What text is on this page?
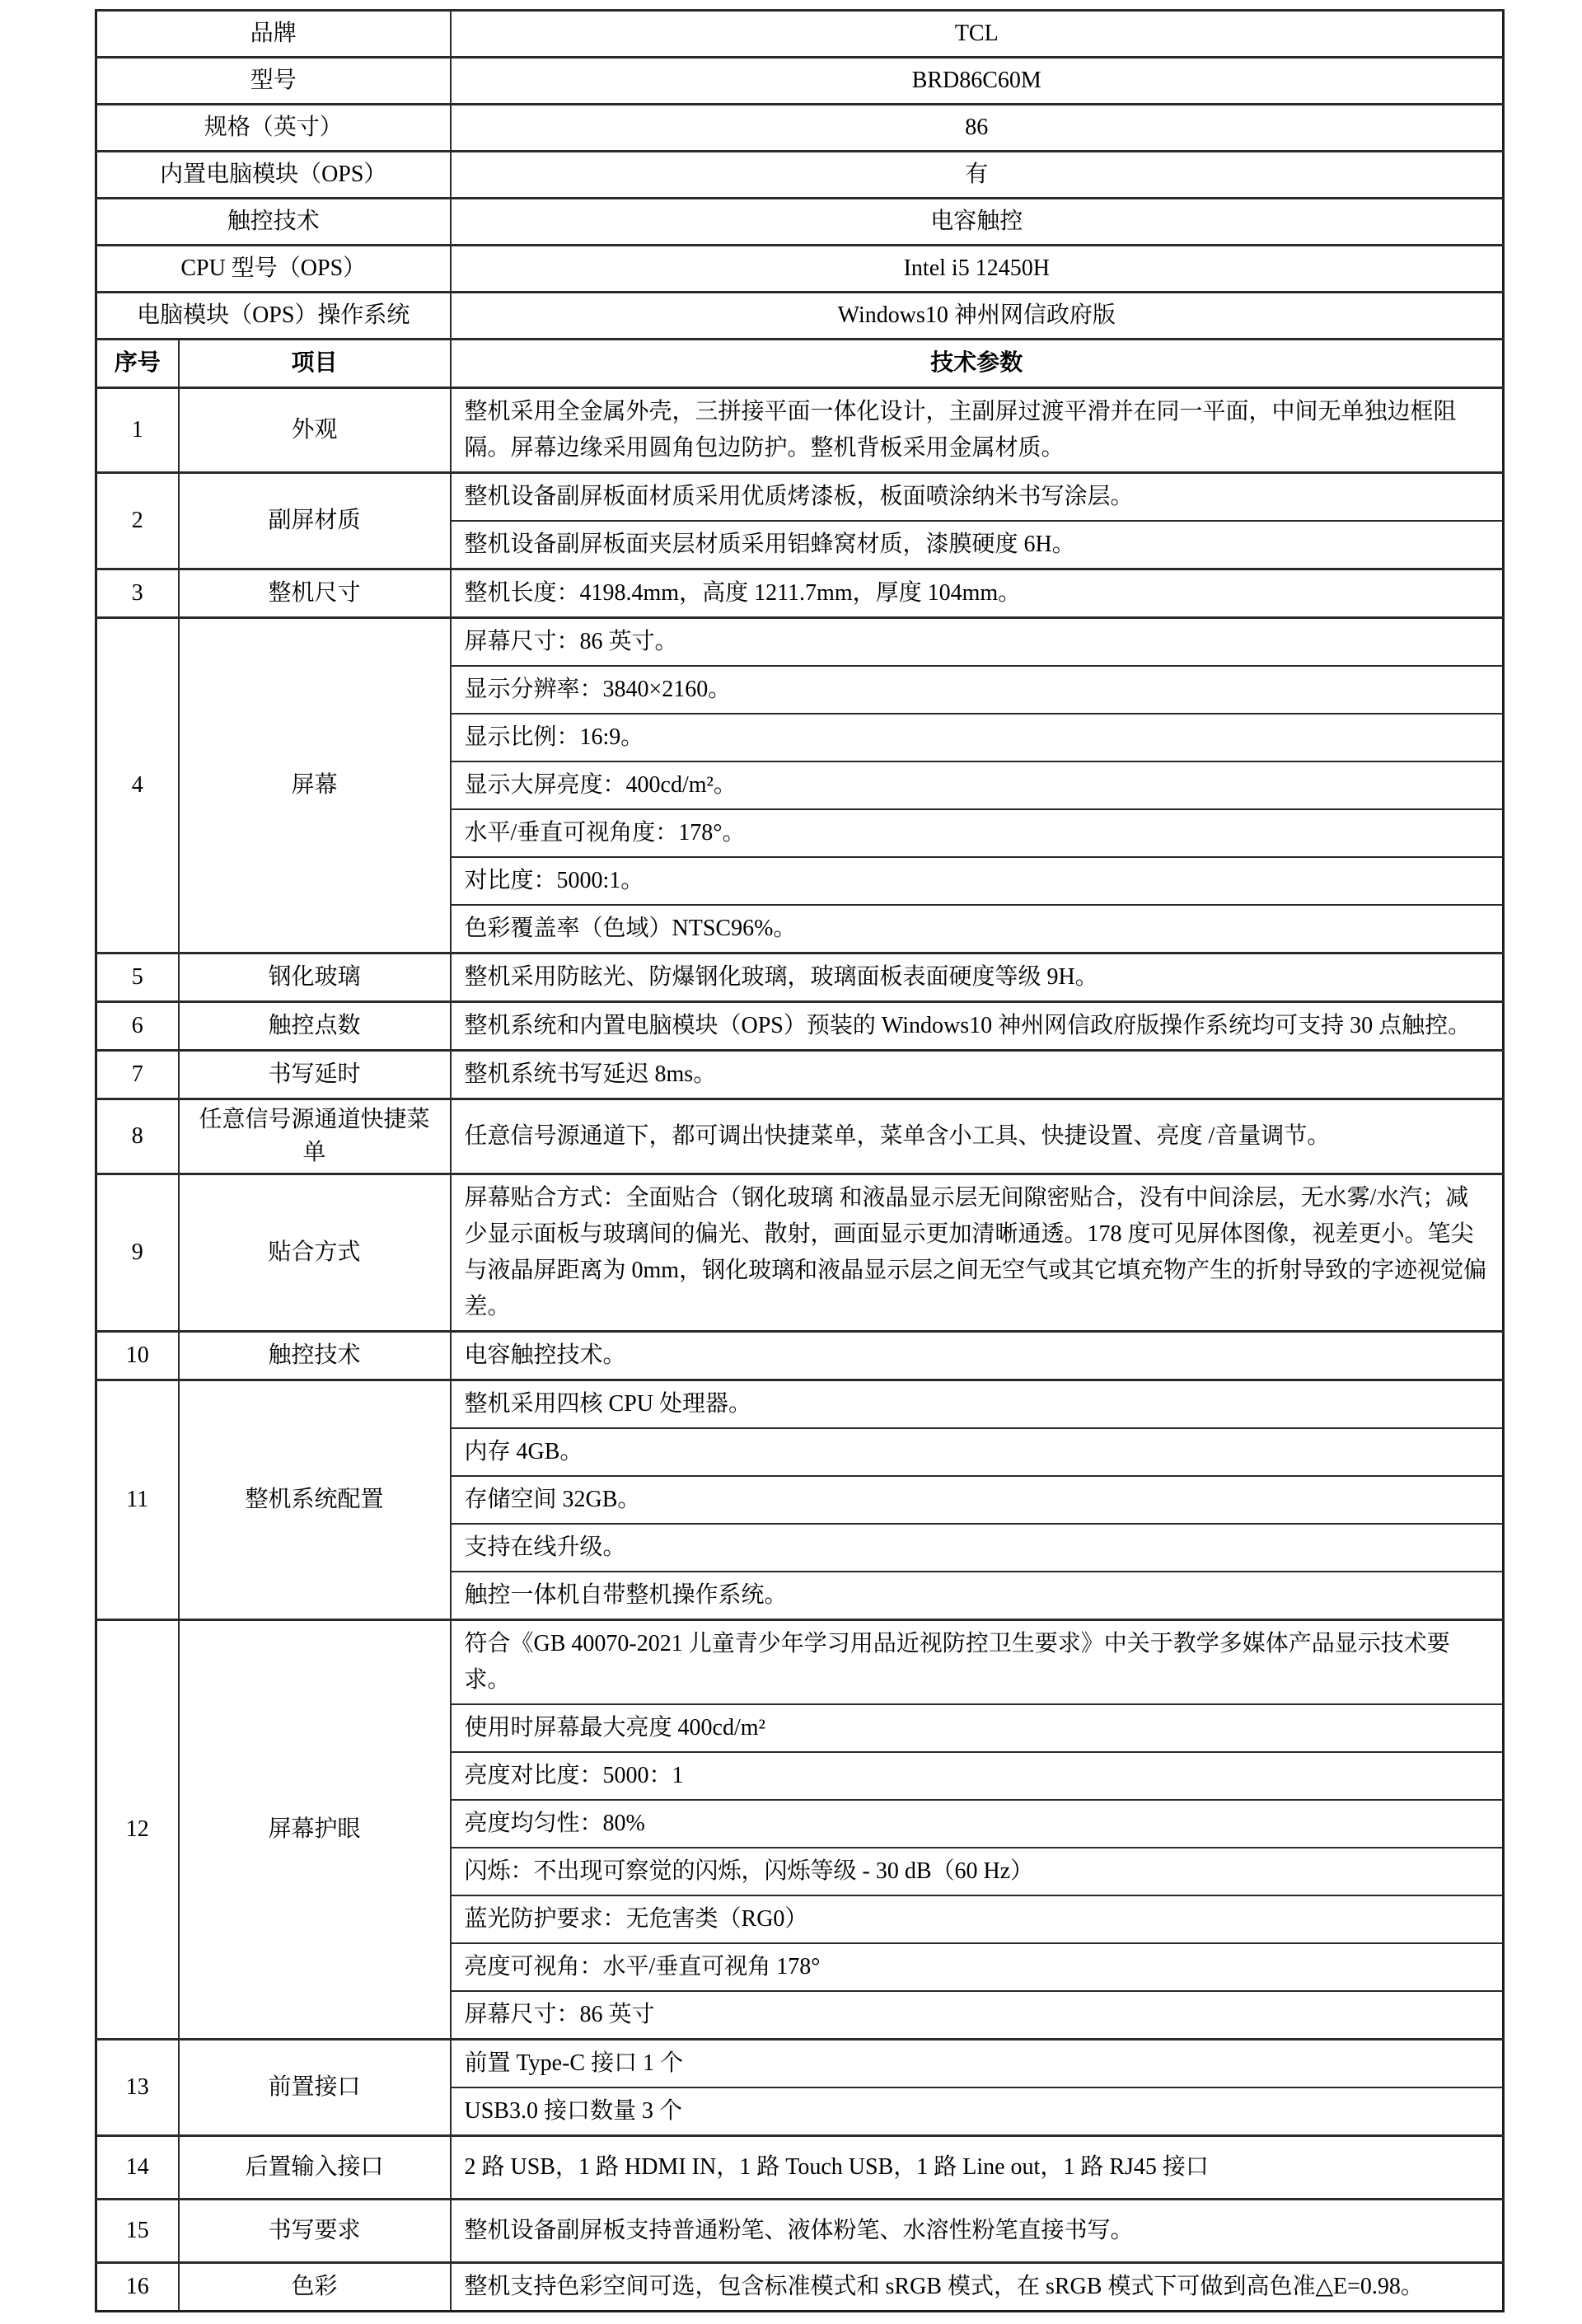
品牌		TCL
型号		BRD86C60M
规格（英寸）		86
内置电脑模块（OPS）		有
触控技术		电容触控
CPU 型号（OPS）		Intel i5 12450H
电脑模块（OPS）操作系统		Windows10 神州网信政府版
序号	项目	技术参数
1	外观	整机采用全金属外壳，三拼接平面一体化设计，主副屏过渡平滑并在同一平面，中间无单独边框阻隔。屏幕边缘采用圆角包边防护。整机背板采用金属材质。
2	副屏材质	整机设备副屏板面材质采用优质烤漆板，板面喷涂纳米书写涂层。
		整机设备副屏板面夹层材质采用铝蜂窝材质，漆膜硬度 6H。
3	整机尺寸	整机长度：4198.4mm，高度 1211.7mm，厚度 104mm。
4	屏幕	屏幕尺寸：86 英寸。
		显示分辨率：3840×2160。
		显示比例：16:9。
		显示大屏亮度：400cd/m²。
		水平/垂直可视角度：178°。
		对比度：5000:1。
		色彩覆盖率（色域）NTSC96%。
5	钢化玻璃	整机采用防眩光、防爆钢化玻璃，玻璃面板表面硬度等级 9H。
6	触控点数	整机系统和内置电脑模块（OPS）预装的 Windows10 神州网信政府版操作系统均可支持 30 点触控。
7	书写延时	整机系统书写延迟 8ms。
8	任意信号源通道快捷菜单	任意信号源通道下，都可调出快捷菜单，菜单含小工具、快捷设置、亮度 /音量调节。
9	贴合方式	屏幕贴合方式：全面贴合（钢化玻璃 和液晶显示层无间隙密贴合，没有中间涂层，无水雾/水汽；减少显示面板与玻璃间的偏光、散射，画面显示更加清晰通透。178 度可见屏体图像，视差更小。笔尖与液晶屏距离为 0mm，钢化玻璃和液晶显示层之间无空气或其它填充物产生的折射导致的字迹视觉偏差。
10	触控技术	电容触控技术。
11	整机系统配置	整机采用四核 CPU 处理器。
		内存 4GB。
		存储空间 32GB。
		支持在线升级。
		触控一体机自带整机操作系统。
12	屏幕护眼	符合《GB 40070-2021 儿童青少年学习用品近视防控卫生要求》中关于教学多媒体产品显示技术要求。
		使用时屏幕最大亮度 400cd/m²
		亮度对比度：5000：1
		亮度均匀性：80%
		闪烁：不出现可察觉的闪烁，闪烁等级 - 30 dB（60 Hz）
		蓝光防护要求：无危害类（RG0）
		亮度可视角：水平/垂直可视角 178°
		屏幕尺寸：86 英寸
13	前置接口	前置 Type-C 接口 1 个
		USB3.0 接口数量 3 个
14	后置输入接口	2 路 USB，1 路 HDMI IN，1 路 Touch USB，1 路 Line out，1 路 RJ45 接口
15	书写要求	整机设备副屏板支持普通粉笔、液体粉笔、水溶性粉笔直接书写。
16	色彩	整机支持色彩空间可选，包含标准模式和 sRGB 模式，在 sRGB 模式下可做到高色准△E=0.98。
